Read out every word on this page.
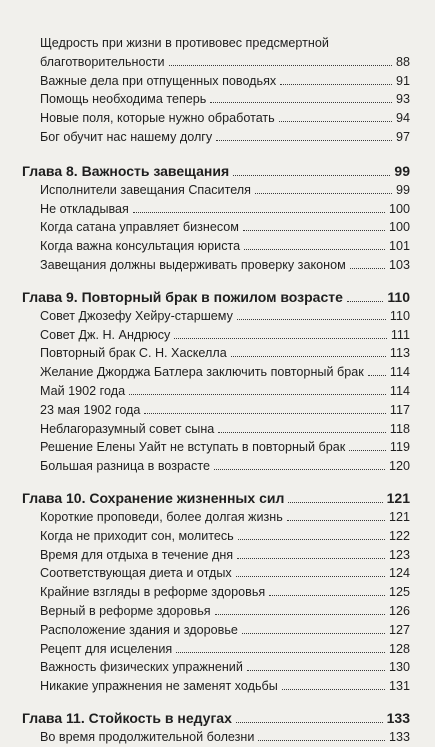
Щедрость при жизни в противовес предсмертной
благотворительности	88
Важные дела при отпущенных поводьях	91
Помощь необходима теперь	93
Новые поля, которые нужно обработать	94
Бог обучит нас нашему долгу	97
Глава 8. Важность завещания	99
Исполнители завещания Спасителя	99
Не откладывая	100
Когда сатана управляет бизнесом	100
Когда важна консультация юриста	101
Завещания должны выдерживать проверку законом	103
Глава 9. Повторный брак в пожилом возрасте	110
Совет Джозефу Хейру-старшему	110
Совет Дж. Н. Андрюсу	111
Повторный брак С. Н. Хаскелла	113
Желание Джорджа Батлера заключить повторный брак 114
Май 1902 года	114
23 мая 1902 года	117
Неблагоразумный совет сына	118
Решение Елены Уайт не вступать в повторный брак	119
Большая разница в возрасте	120
Глава 10. Сохранение жизненных сил	121
Короткие проповеди, более долгая жизнь	121
Когда не приходит сон, молитесь	122
Время для отдыха в течение дня	123
Соответствующая диета и отдых	124
Крайние взгляды в реформе здоровья	125
Верный в реформе здоровья	126
Расположение здания и здоровье	127
Рецепт для исцеления	128
Важность физических упражнений	130
Никакие упражнения не заменят ходьбы	131
Глава 11. Стойкость в недугах	133
Во время продолжительной болезни	133
